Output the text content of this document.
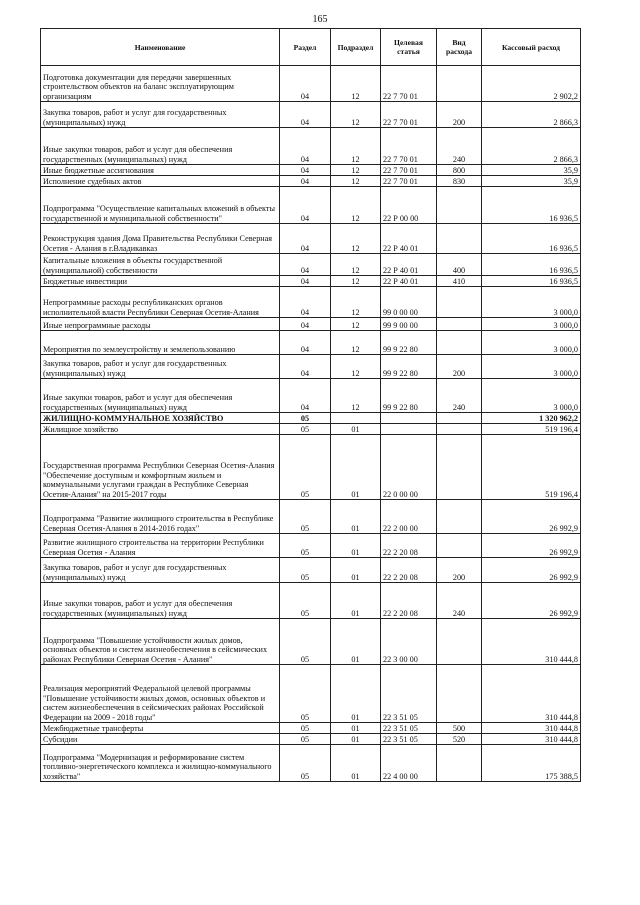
165
Наименование	Раздел	Подраздел	Целевая статья	Вид расхода	Кассовый расход
Подготовка документации для передачи завершенных строительством объектов на баланс эксплуатирующим организациям	04	12	22 7 70 01		2 902,2
Закупка товаров, работ и услуг для государственных (муниципальных) нужд	04	12	22 7 70 01	200	2 866,3
Иные закупки товаров, работ и услуг для обеспечения государственных (муниципальных) нужд	04	12	22 7 70 01	240	2 866,3
Иные бюджетные ассигнования	04	12	22 7 70 01	800	35,9
Исполнение судебных актов	04	12	22 7 70 01	830	35,9
Подпрограмма "Осуществление капитальных вложений в объекты государственной и муниципальной собственности"	04	12	22 Р 00 00		16 936,5
Реконструкция здания Дома Правительства Республики Северная Осетия - Алания в г.Владикавказ	04	12	22 Р 40 01		16 936,5
Капитальные вложения в объекты государственной (муниципальной) собственности	04	12	22 Р 40 01	400	16 936,5
Бюджетные инвестиции	04	12	22 Р 40 01	410	16 936,5
Непрограммные расходы республиканских органов исполнительной власти Республики Северная Осетия-Алания	04	12	99 0 00 00		3 000,0
Иные непрограммные расходы	04	12	99 9 00 00		3 000,0
Мероприятия по землеустройству и землепользованию	04	12	99 9 22 80		3 000,0
Закупка товаров, работ и услуг для государственных (муниципальных) нужд	04	12	99 9 22 80	200	3 000,0
Иные закупки товаров, работ и услуг для обеспечения государственных (муниципальных) нужд	04	12	99 9 22 80	240	3 000,0
ЖИЛИЩНО-КОММУНАЛЬНОЕ ХОЗЯЙСТВО	05				1 320 962,2
Жилищное хозяйство	05	01			519 196,4
Государственная программа Республики Северная Осетия-Алания "Обеспечение доступным и комфортным жильем и коммунальными услугами граждан в Республике Северная Осетия-Алания" на 2015-2017 годы	05	01	22 0 00 00		519 196,4
Подпрограмма "Развитие жилищного строительства в Республике Северная Осетия-Алания в 2014-2016 годах"	05	01	22 2 00 00		26 992,9
Развитие жилищного строительства на территории Республики Северная Осетия - Алания	05	01	22 2 20 08		26 992,9
Закупка товаров, работ и услуг для государственных (муниципальных) нужд	05	01	22 2 20 08	200	26 992,9
Иные закупки товаров, работ и услуг для обеспечения государственных (муниципальных) нужд	05	01	22 2 20 08	240	26 992,9
Подпрограмма "Повышение устойчивости жилых домов, основных объектов и систем жизнеобеспечения в сейсмических районах Республики Северная Осетия - Алания"	05	01	22 3 00 00		310 444,8
Реализация мероприятий Федеральной целевой программы "Повышение устойчивости жилых домов, основных объектов и систем жизнеобеспечения в сейсмических районах Российской Федерации на 2009 - 2018 годы"	05	01	22 3 51 05		310 444,8
Межбюджетные трансферты	05	01	22 3 51 05	500	310 444,8
Субсидии	05	01	22 3 51 05	520	310 444,8
Подпрограмма "Модернизация и реформирование систем топливно-энергетического комплекса и жилищно-коммунального хозяйства"	05	01	22 4 00 00		175 388,5
